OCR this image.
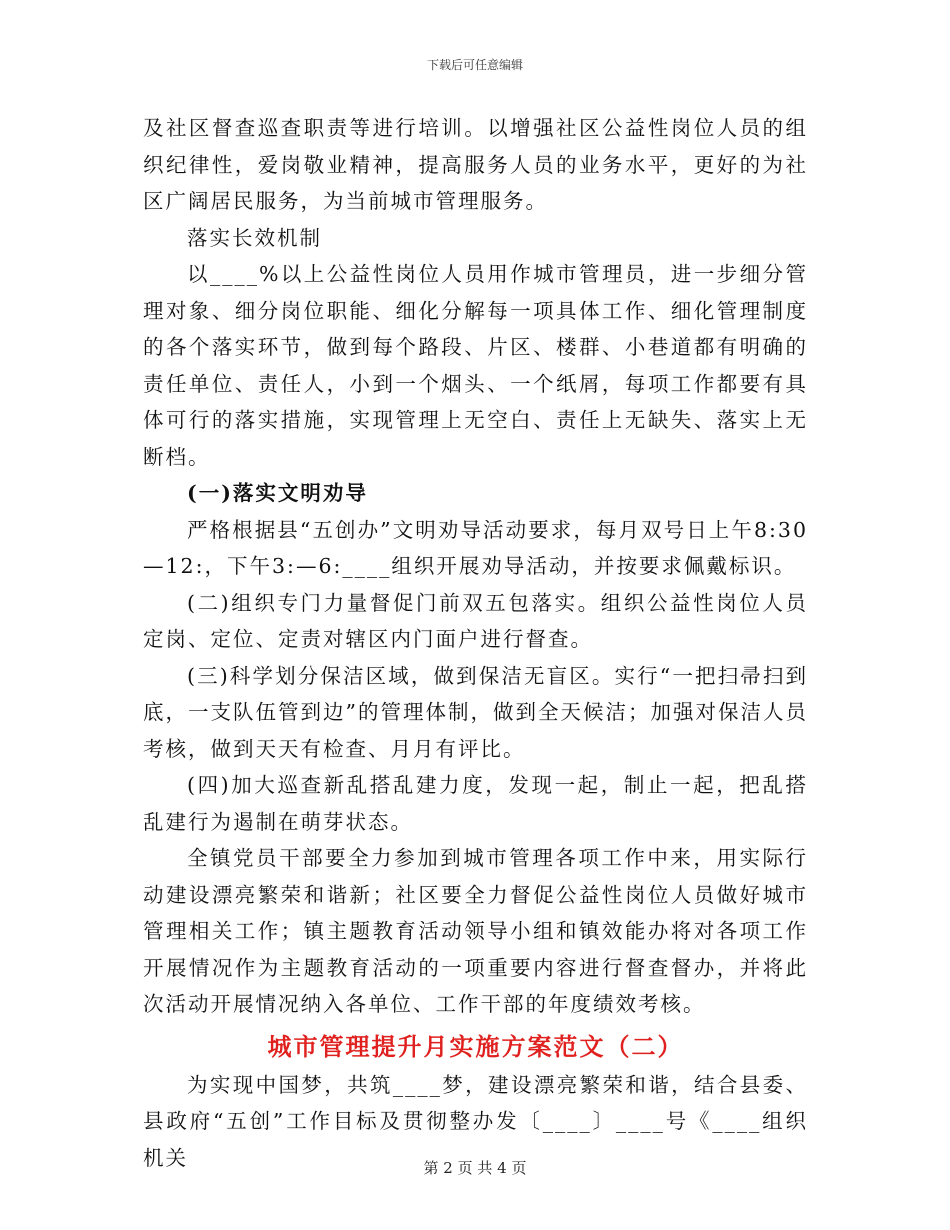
下载后可任意编辑

及社区督查巡查职责等进行培训。以增强社区公益性岗位人员的组织纪律性，爱岗敬业精神，提高服务人员的业务水平，更好的为社区广阔居民服务，为当前城市管理服务。

落实长效机制

以____%以上公益性岗位人员用作城市管理员，进一步细分管理对象、细分岗位职能、细化分解每一项具体工作、细化管理制度的各个落实环节，做到每个路段、片区、楼群、小巷道都有明确的责任单位、责任人，小到一个烟头、一个纸屑，每项工作都要有具体可行的落实措施，实现管理上无空白、责任上无缺失、落实上无断档。

(一)落实文明劝导

严格根据县“五创办”文明劝导活动要求，每月双号日上午8:30—12:，下午3:—6:____组织开展劝导活动，并按要求佩戴标识。

(二)组织专门力量督促门前双五包落实。组织公益性岗位人员定岗、定位、定责对辖区内门面户进行督查。

(三)科学划分保洁区域，做到保洁无盲区。实行“一把扫帚扫到底，一支队伍管到边”的管理体制，做到全天候洁；加强对保洁人员考核，做到天天有检查、月月有评比。

(四)加大巡查新乱搭乱建力度，发现一起，制止一起，把乱搭乱建行为遏制在萌芽状态。

全镇党员干部要全力参加到城市管理各项工作中来，用实际行动建设漂亮繁荣和谐新；社区要全力督促公益性岗位人员做好城市管理相关工作；镇主题教育活动领导小组和镇效能办将对各项工作开展情况作为主题教育活动的一项重要内容进行督查督办，并将此次活动开展情况纳入各单位、工作干部的年度绩效考核。

城市管理提升月实施方案范文（二）

为实现中国梦，共筑____梦，建设漂亮繁荣和谐，结合县委、县政府“五创”工作目标及贯彻整办发〔____〕____号《____组织机关	第 2 页 共 4 页
